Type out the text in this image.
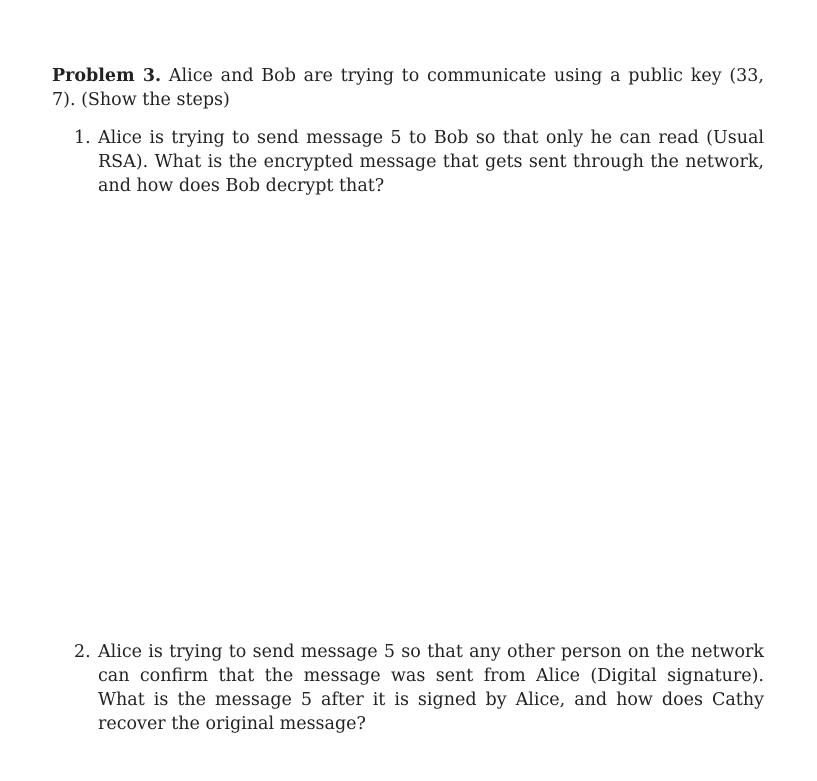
Problem 3. Alice and Bob are trying to communicate using a public key (33, 7). (Show the steps)

1. Alice is trying to send message 5 to Bob so that only he can read (Usual RSA). What is the encrypted message that gets sent through the network, and how does Bob decrypt that?
2. Alice is trying to send message 5 so that any other person on the network can confirm that the message was sent from Alice (Digital signature). What is the message 5 after it is signed by Alice, and how does Cathy recover the original message?
